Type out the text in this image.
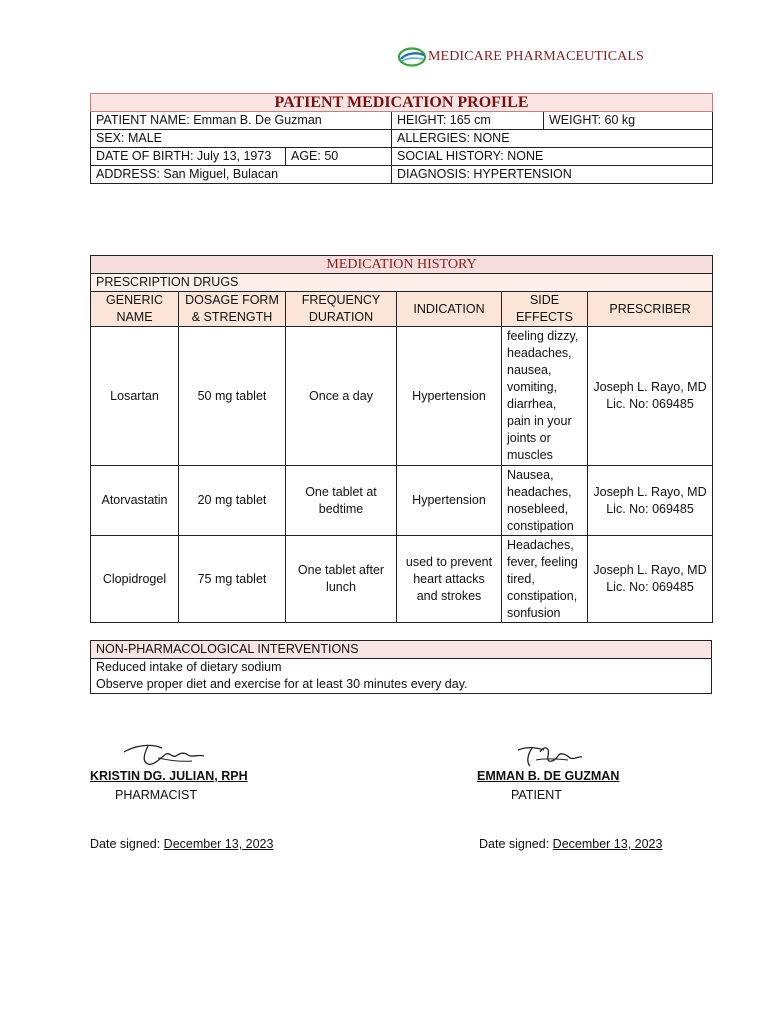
MEDICARE PHARMACEUTICALS
PATIENT MEDICATION PROFILE			
PATIENT NAME: Emman B. De Guzman		HEIGHT: 165 cm	WEIGHT: 60 kg
SEX: MALE		ALLERGIES: NONE	
DATE OF BIRTH: July 13, 1973	AGE: 50	SOCIAL HISTORY: NONE	
ADDRESS: San Miguel, Bulacan		DIAGNOSIS: HYPERTENSION	
MEDICATION HISTORY					
PRESCRIPTION DRUGS					
GENERIC NAME	DOSAGE FORM & STRENGTH	FREQUENCY DURATION	INDICATION	SIDE EFFECTS	PRESCRIBER
Losartan	50 mg tablet	Once a day	Hypertension	feeling dizzy, headaches, nausea, vomiting, diarrhea, pain in your joints or muscles	Joseph L. Rayo, MD Lic. No: 069485
Atorvastatin	20 mg tablet	One tablet at bedtime	Hypertension	Nausea, headaches, nosebleed, constipation	Joseph L. Rayo, MD Lic. No: 069485
Clopidrogel	75 mg tablet	One tablet after lunch	used to prevent heart attacks and strokes	Headaches, fever, feeling tired, constipation, sonfusion	Joseph L. Rayo, MD Lic. No: 069485
NON-PHARMACOLOGICAL INTERVENTIONS

Reduced intake of dietary sodium
Observe proper diet and exercise for at least 30 minutes every day.
KRISTIN DG. JULIAN, RPH
PHARMACIST
Date signed: December 13, 2023
EMMAN B. DE GUZMAN
PATIENT
Date signed: December 13, 2023
